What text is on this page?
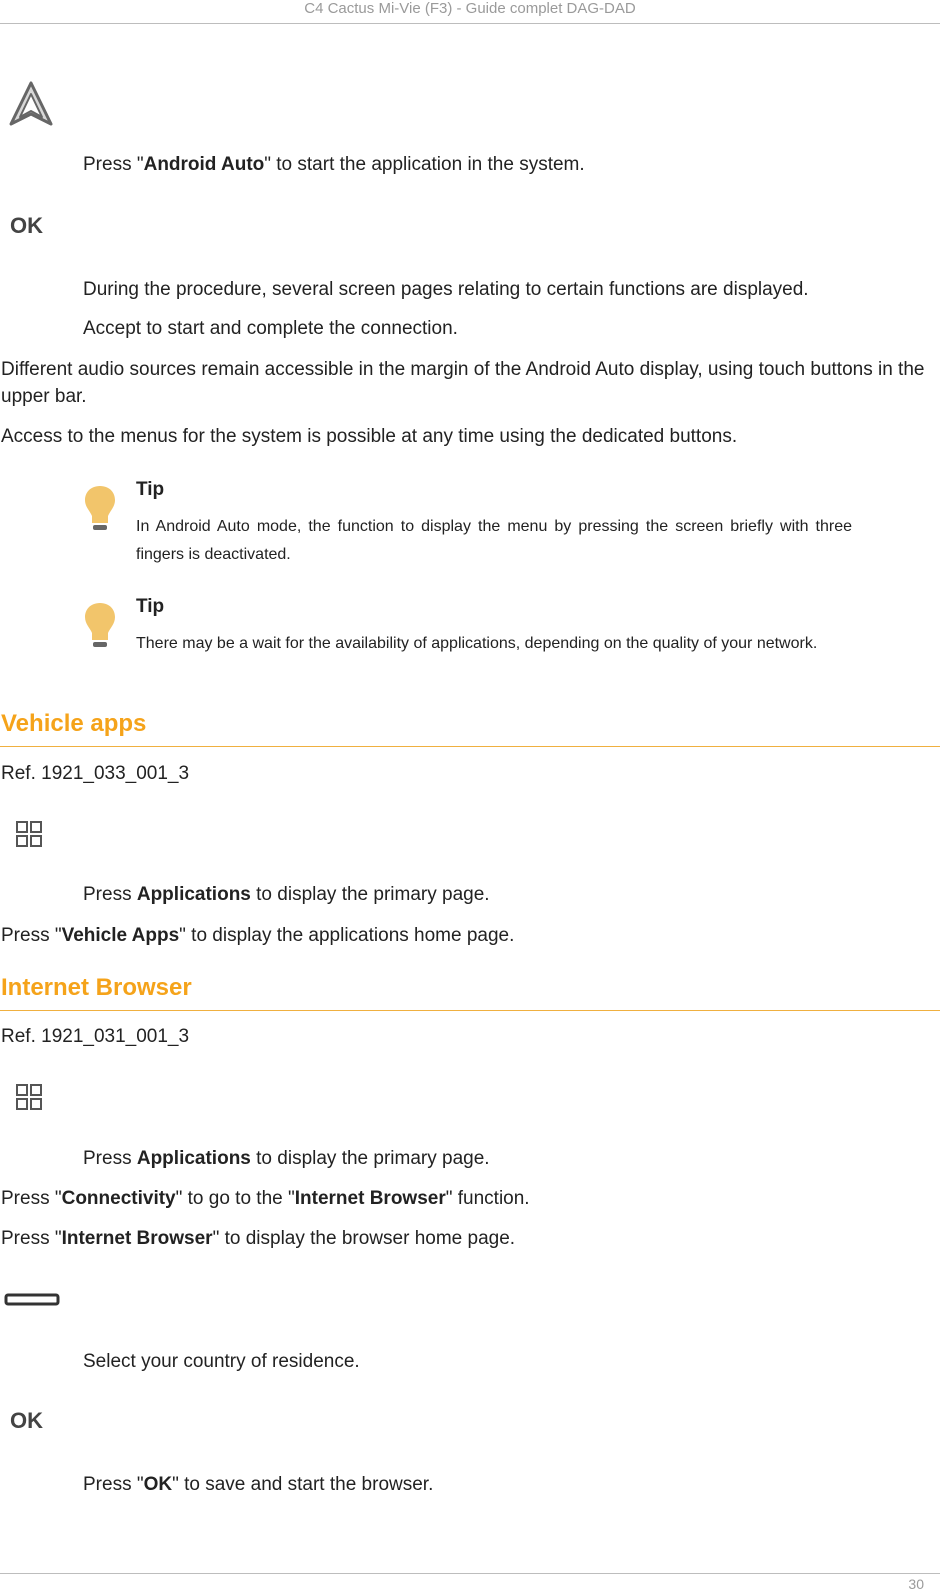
C4 Cactus Mi-Vie (F3) - Guide complet DAG-DAD
Press "Android Auto" to start the application in the system.
OK
During the procedure, several screen pages relating to certain functions are displayed.
Accept to start and complete the connection.
Different audio sources remain accessible in the margin of the Android Auto display, using touch buttons in the upper bar.
Access to the menus for the system is possible at any time using the dedicated buttons.
Tip
In Android Auto mode, the function to display the menu by pressing the screen briefly with three fingers is deactivated.
Tip
There may be a wait for the availability of applications, depending on the quality of your network.
Vehicle apps
Ref. 1921_033_001_3
Press Applications to display the primary page.
Press "Vehicle Apps" to display the applications home page.
Internet Browser
Ref. 1921_031_001_3
Press Applications to display the primary page.
Press "Connectivity" to go to the "Internet Browser" function.
Press "Internet Browser" to display the browser home page.
Select your country of residence.
OK
Press "OK" to save and start the browser.
30
